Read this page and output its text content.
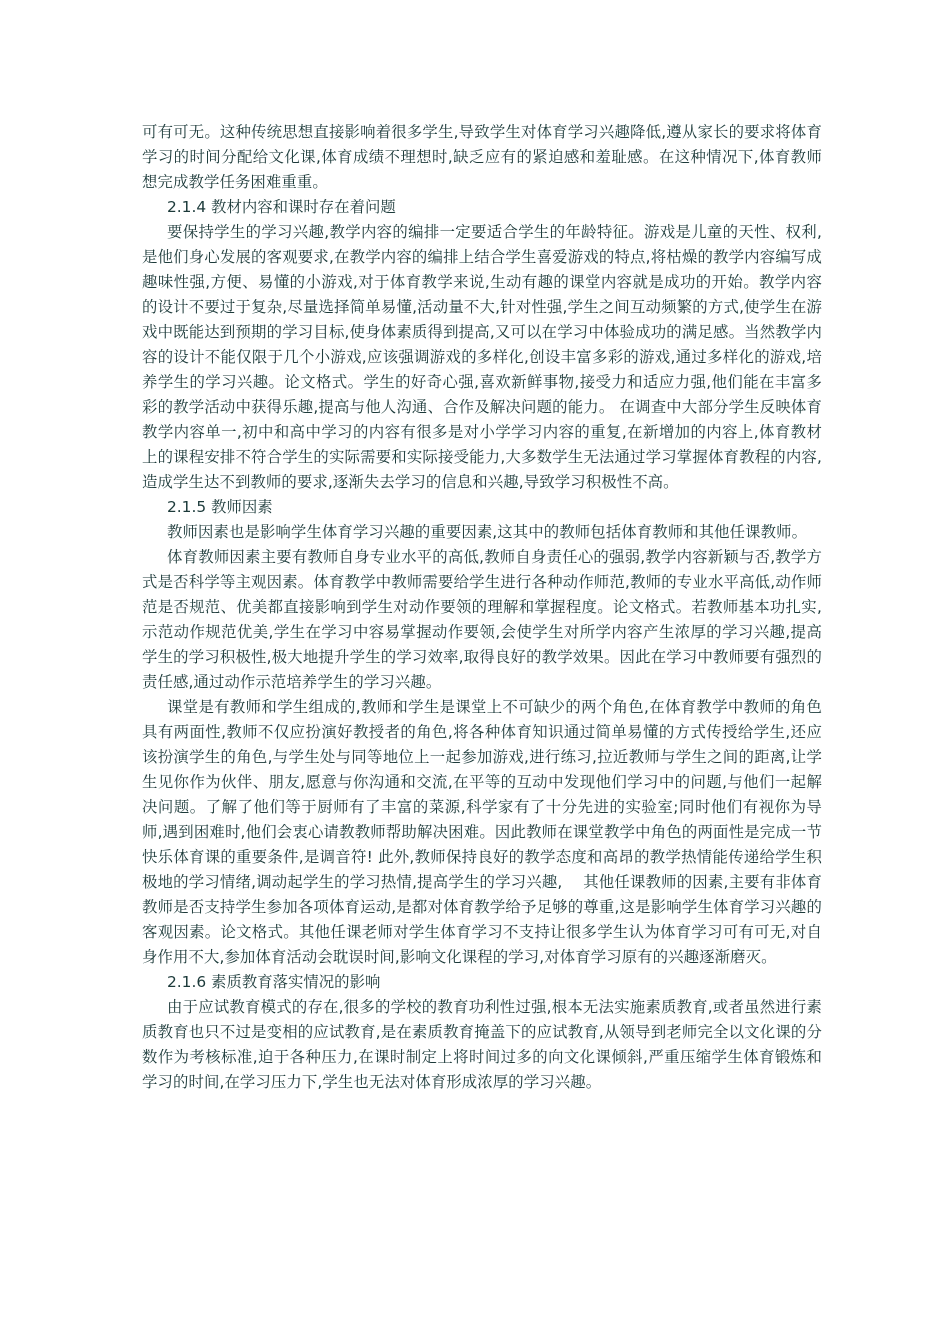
可有可无。这种传统思想直接影响着很多学生,导致学生对体育学习兴趣降低,遵从家长的要求将体育学习的时间分配给文化课,体育成绩不理想时,缺乏应有的紧迫感和羞耻感。在这种情况下,体育教师想完成教学任务困难重重。

2.1.4 教材内容和课时存在着问题

要保持学生的学习兴趣,教学内容的编排一定要适合学生的年龄特征。游戏是儿童的天性、权利,是他们身心发展的客观要求,在教学内容的编排上结合学生喜爱游戏的特点,将枯燥的教学内容编写成趣味性强,方便、易懂的小游戏,对于体育教学来说,生动有趣的课堂内容就是成功的开始。教学内容的设计不要过于复杂,尽量选择简单易懂,活动量不大,针对性强,学生之间互动频繁的方式,使学生在游戏中既能达到预期的学习目标,使身体素质得到提高,又可以在学习中体验成功的满足感。当然教学内容的设计不能仅限于几个小游戏,应该强调游戏的多样化,创设丰富多彩的游戏,通过多样化的游戏,培养学生的学习兴趣。论文格式。学生的好奇心强,喜欢新鲜事物,接受力和适应力强,他们能在丰富多彩的教学活动中获得乐趣,提高与他人沟通、合作及解决问题的能力。 在调查中大部分学生反映体育教学内容单一,初中和高中学习的内容有很多是对小学学习内容的重复,在新增加的内容上,体育教材上的课程安排不符合学生的实际需要和实际接受能力,大多数学生无法通过学习掌握体育教程的内容,造成学生达不到教师的要求,逐渐失去学习的信息和兴趣,导致学习积极性不高。

2.1.5 教师因素

教师因素也是影响学生体育学习兴趣的重要因素,这其中的教师包括体育教师和其他任课教师。

体育教师因素主要有教师自身专业水平的高低,教师自身责任心的强弱,教学内容新颖与否,教学方式是否科学等主观因素。体育教学中教师需要给学生进行各种动作师范,教师的专业水平高低,动作师范是否规范、优美都直接影响到学生对动作要领的理解和掌握程度。论文格式。若教师基本功扎实,示范动作规范优美,学生在学习中容易掌握动作要领,会使学生对所学内容产生浓厚的学习兴趣,提高学生的学习积极性,极大地提升学生的学习效率,取得良好的教学效果。因此在学习中教师要有强烈的责任感,通过动作示范培养学生的学习兴趣。

课堂是有教师和学生组成的,教师和学生是课堂上不可缺少的两个角色,在体育教学中教师的角色具有两面性,教师不仅应扮演好教授者的角色,将各种体育知识通过简单易懂的方式传授给学生,还应该扮演学生的角色,与学生处与同等地位上一起参加游戏,进行练习,拉近教师与学生之间的距离,让学生见你作为伙伴、朋友,愿意与你沟通和交流,在平等的互动中发现他们学习中的问题,与他们一起解决问题。了解了他们等于厨师有了丰富的菜源,科学家有了十分先进的实验室;同时他们有视你为导师,遇到困难时,他们会衷心请教教师帮助解决困难。因此教师在课堂教学中角色的两面性是完成一节快乐体育课的重要条件,是调音符! 此外,教师保持良好的教学态度和高昂的教学热情能传递给学生积极地的学习情绪,调动起学生的学习热情,提高学生的学习兴趣,　 其他任课教师的因素,主要有非体育教师是否支持学生参加各项体育运动,是都对体育教学给予足够的尊重,这是影响学生体育学习兴趣的客观因素。论文格式。其他任课老师对学生体育学习不支持让很多学生认为体育学习可有可无,对自身作用不大,参加体育活动会耽误时间,影响文化课程的学习,对体育学习原有的兴趣逐渐磨灭。

2.1.6 素质教育落实情况的影响

由于应试教育模式的存在,很多的学校的教育功利性过强,根本无法实施素质教育,或者虽然进行素质教育也只不过是变相的应试教育,是在素质教育掩盖下的应试教育,从领导到老师完全以文化课的分数作为考核标准,迫于各种压力,在课时制定上将时间过多的向文化课倾斜,严重压缩学生体育锻炼和学习的时间,在学习压力下,学生也无法对体育形成浓厚的学习兴趣。
